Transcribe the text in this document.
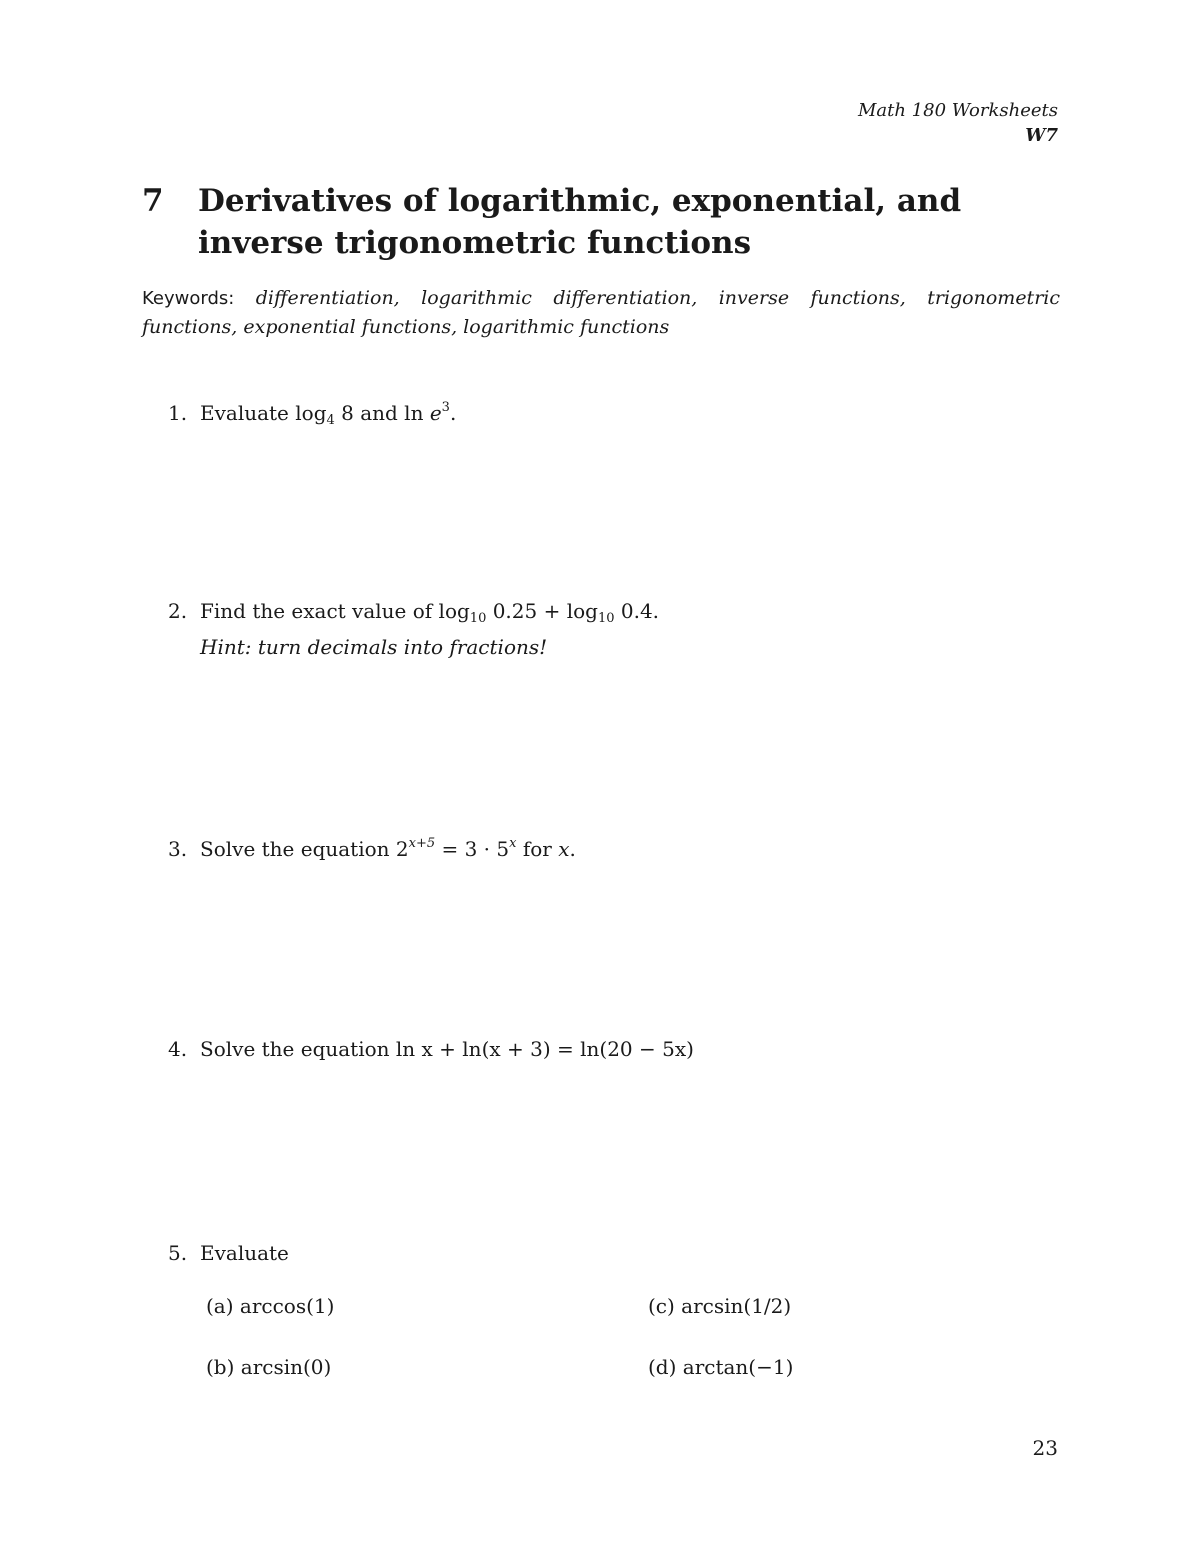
Math 180 Worksheets
W7
7 Derivatives of logarithmic, exponential, and inverse trigonometric functions
Keywords: differentiation, logarithmic differentiation, inverse functions, trigonometric functions, exponential functions, logarithmic functions
1. Evaluate $\log_4 8$ and $\ln e^3$.
2. Find the exact value of $\log_{10} 0.25 + \log_{10} 0.4$.
Hint: turn decimals into fractions!
3. Solve the equation $2^{x+5} = 3 \cdot 5^x$ for x.
4. Solve the equation ln x + ln(x + 3) = ln(20 − 5x)
5. Evaluate
(a) arccos(1)
(b) arcsin(0)
(c) arcsin(1/2)
(d) arctan(−1)
23
